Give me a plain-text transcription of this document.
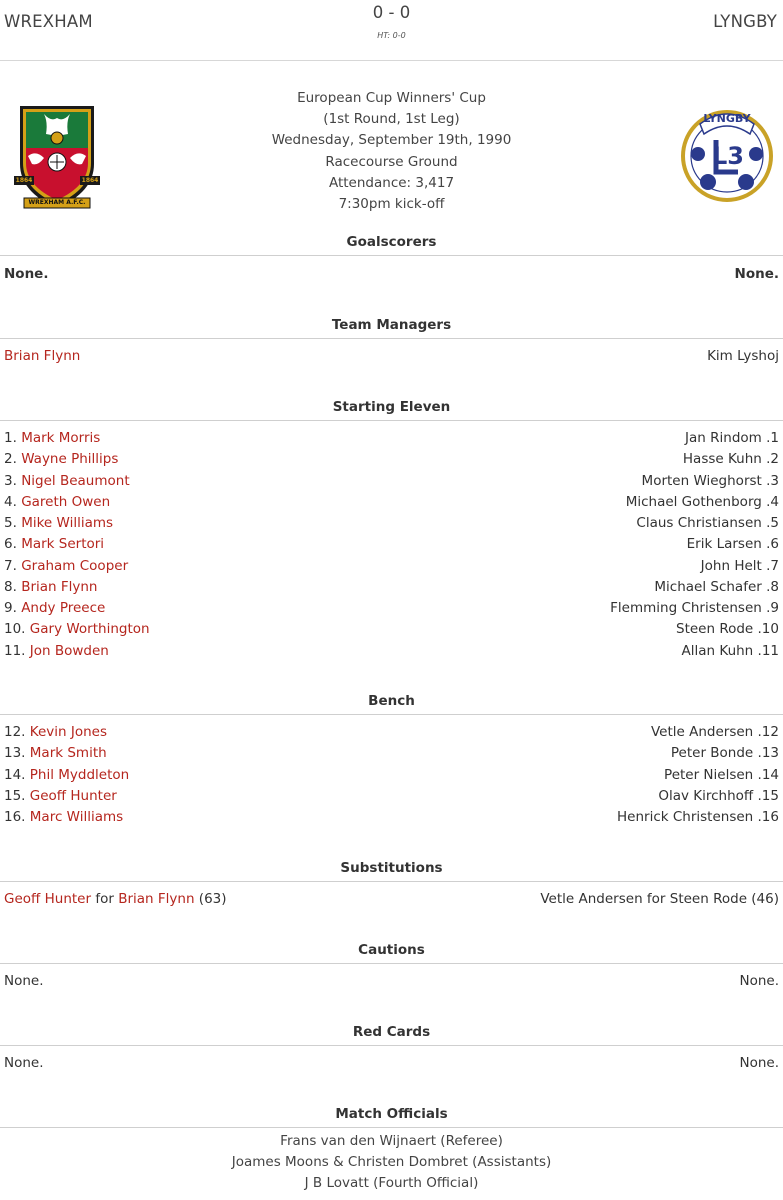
WREXHAM	0 - 0
HT: 0-0
LYNGBY
1864	1864
WREXHAM A.F.C.
LYNGBY
L3
European Cup Winners' Cup
(1st Round, 1st Leg)
Wednesday, September 19th, 1990
Racecourse Ground
Attendance: 3,417
7:30pm kick-off
Goalscorers
None.	None.
Team Managers
Brian Flynn	Kim Lyshoj
Starting Eleven
1. Mark Morris	Jan Rindom .1
2. Wayne Phillips	Hasse Kuhn .2
3. Nigel Beaumont	Morten Wieghorst .3
4. Gareth Owen	Michael Gothenborg .4
5. Mike Williams	Claus Christiansen .5
6. Mark Sertori	Erik Larsen .6
7. Graham Cooper	John Helt .7
8. Brian Flynn	Michael Schafer .8
9. Andy Preece	Flemming Christensen .9
10. Gary Worthington	Steen Rode .10
11. Jon Bowden	Allan Kuhn .11
Bench
12. Kevin Jones	Vetle Andersen .12
13. Mark Smith	Peter Bonde .13
14. Phil Myddleton	Peter Nielsen .14
15. Geoff Hunter	Olav Kirchhoff .15
16. Marc Williams	Henrick Christensen .16
Substitutions
Geoff Hunter for Brian Flynn (63)	Vetle Andersen for Steen Rode (46)
Cautions
None.	None.
Red Cards
None.	None.
Match Officials
Frans van den Wijnaert (Referee)
Joames Moons & Christen Dombret (Assistants)
J B Lovatt (Fourth Official)
